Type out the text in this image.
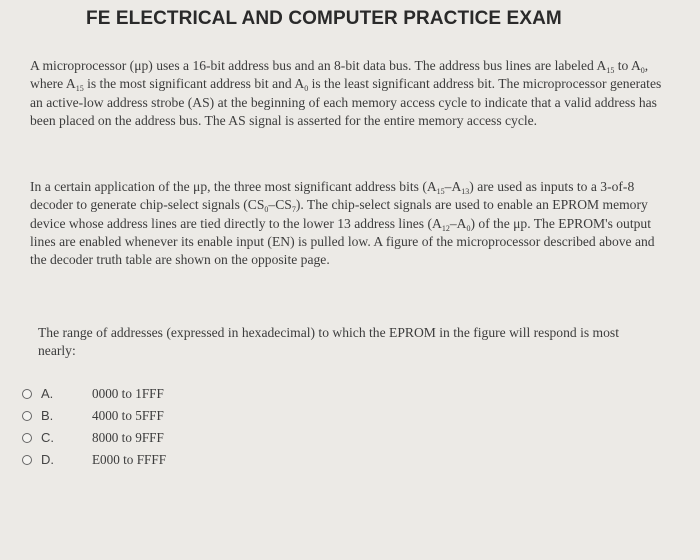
FE ELECTRICAL AND COMPUTER PRACTICE EXAM

A microprocessor (μp) uses a 16-bit address bus and an 8-bit data bus. The address bus lines are labeled $A_{15}$ to $A_0$, where $A_{15}$ is the most significant address bit and $A_0$ is the least significant address bit. The microprocessor generates an active-low address strobe (AS) at the beginning of each memory access cycle to indicate that a valid address has been placed on the address bus. The AS signal is asserted for the entire memory access cycle.

In a certain application of the μp, the three most significant address bits $(A_{15}-A_{13})$ are used as inputs to a 3-of-8 decoder to generate chip-select signals $(CS_0-CS_7)$. The chip-select signals are used to enable an EPROM memory device whose address lines are tied directly to the lower 13 address lines $(A_{12}-A_0)$ of the μp. The EPROM's output lines are enabled whenever its enable input (EN) is pulled low. A figure of the microprocessor described above and the decoder truth table are shown on the opposite page.

The range of addresses (expressed in hexadecimal) to which the EPROM in the figure will respond is most nearly:

A.	0000 to 1FFF
B.	4000 to 5FFF
C.	8000 to 9FFF
D.	E000 to FFFF
